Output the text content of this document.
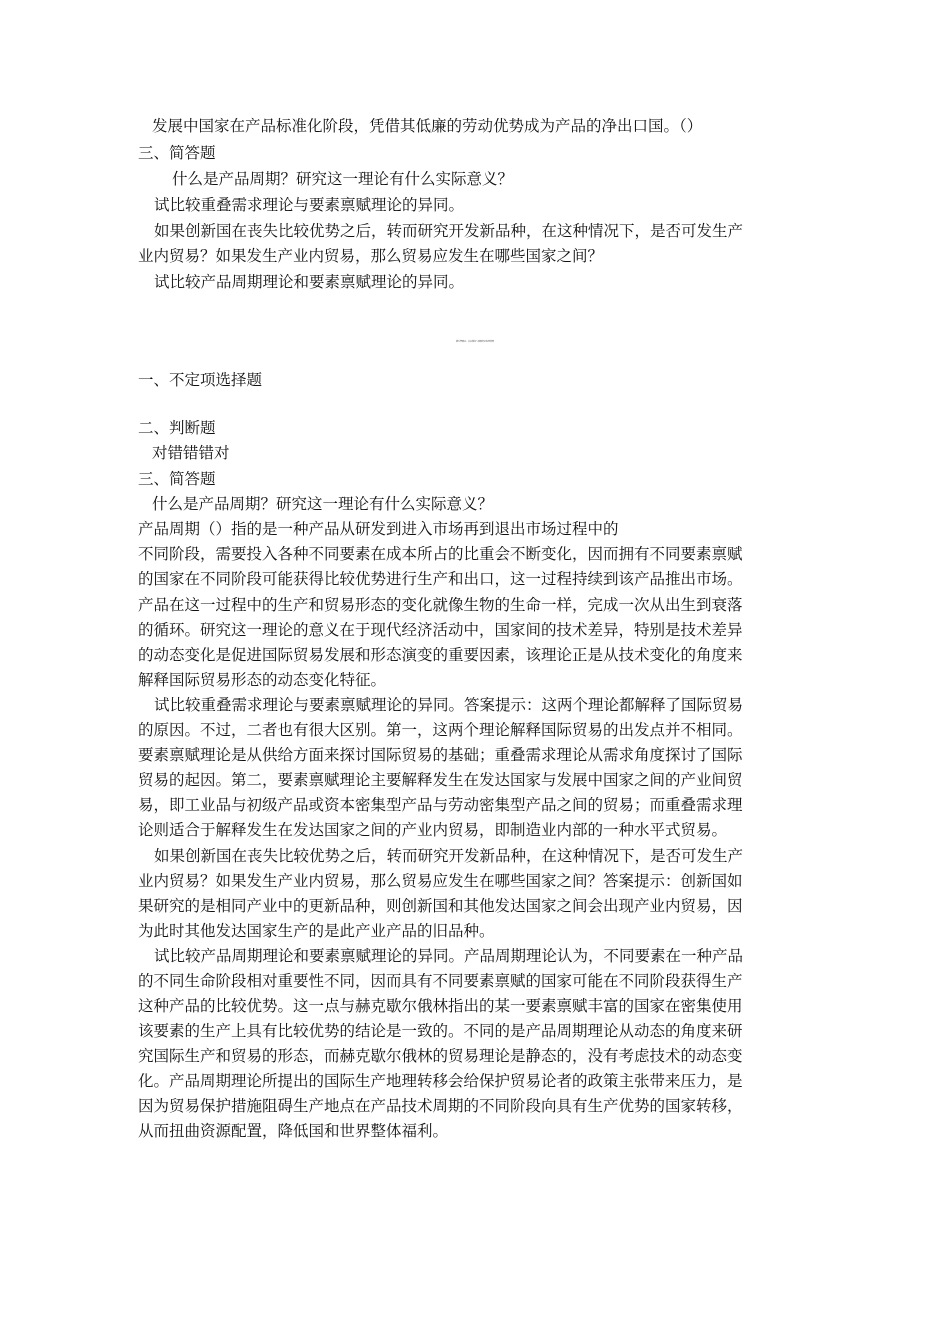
发展中国家在产品标准化阶段，凭借其低廉的劳动优势成为产品的净出口国。（）
三、简答题
什么是产品周期？研究这一理论有什么实际意义？
试比较重叠需求理论与要素禀赋理论的异同。
如果创新国在丧失比较优势之后，转而研究开发新品种，在这种情况下，是否可发生产
业内贸易？如果发生产业内贸易，那么贸易应发生在哪些国家之间？
试比较产品周期理论和要素禀赋理论的异同。
第五章需求、技术变化与国际贸易参考答案
一、不定项选择题
二、判断题
对错错错对
三、简答题
什么是产品周期？研究这一理论有什么实际意义？
产品周期（）指的是一种产品从研发到进入市场再到退出市场过程中的
不同阶段，需要投入各种不同要素在成本所占的比重会不断变化，因而拥有不同要素禀赋
的国家在不同阶段可能获得比较优势进行生产和出口，这一过程持续到该产品推出市场。
产品在这一过程中的生产和贸易形态的变化就像生物的生命一样，完成一次从出生到衰落
的循环。研究这一理论的意义在于现代经济活动中，国家间的技术差异，特别是技术差异
的动态变化是促进国际贸易发展和形态演变的重要因素，该理论正是从技术变化的角度来
解释国际贸易形态的动态变化特征。
试比较重叠需求理论与要素禀赋理论的异同。答案提示：这两个理论都解释了国际贸易
的原因。不过，二者也有很大区别。第一，这两个理论解释国际贸易的出发点并不相同。
要素禀赋理论是从供给方面来探讨国际贸易的基础；重叠需求理论从需求角度探讨了国际
贸易的起因。第二，要素禀赋理论主要解释发生在发达国家与发展中国家之间的产业间贸
易，即工业品与初级产品或资本密集型产品与劳动密集型产品之间的贸易；而重叠需求理
论则适合于解释发生在发达国家之间的产业内贸易，即制造业内部的一种水平式贸易。
如果创新国在丧失比较优势之后，转而研究开发新品种，在这种情况下，是否可发生产
业内贸易？如果发生产业内贸易，那么贸易应发生在哪些国家之间？答案提示：创新国如
果研究的是相同产业中的更新品种，则创新国和其他发达国家之间会出现产业内贸易，因
为此时其他发达国家生产的是此产业产品的旧品种。
试比较产品周期理论和要素禀赋理论的异同。产品周期理论认为，不同要素在一种产品
的不同生命阶段相对重要性不同，因而具有不同要素禀赋的国家可能在不同阶段获得生产
这种产品的比较优势。这一点与赫克歇尔俄林指出的某一要素禀赋丰富的国家在密集使用
该要素的生产上具有比较优势的结论是一致的。不同的是产品周期理论从动态的角度来研
究国际生产和贸易的形态，而赫克歇尔俄林的贸易理论是静态的，没有考虑技术的动态变
化。产品周期理论所提出的国际生产地理转移会给保护贸易论者的政策主张带来压力，是
因为贸易保护措施阻碍生产地点在产品技术周期的不同阶段向具有生产优势的国家转移，
从而扭曲资源配置，降低国和世界整体福利。
